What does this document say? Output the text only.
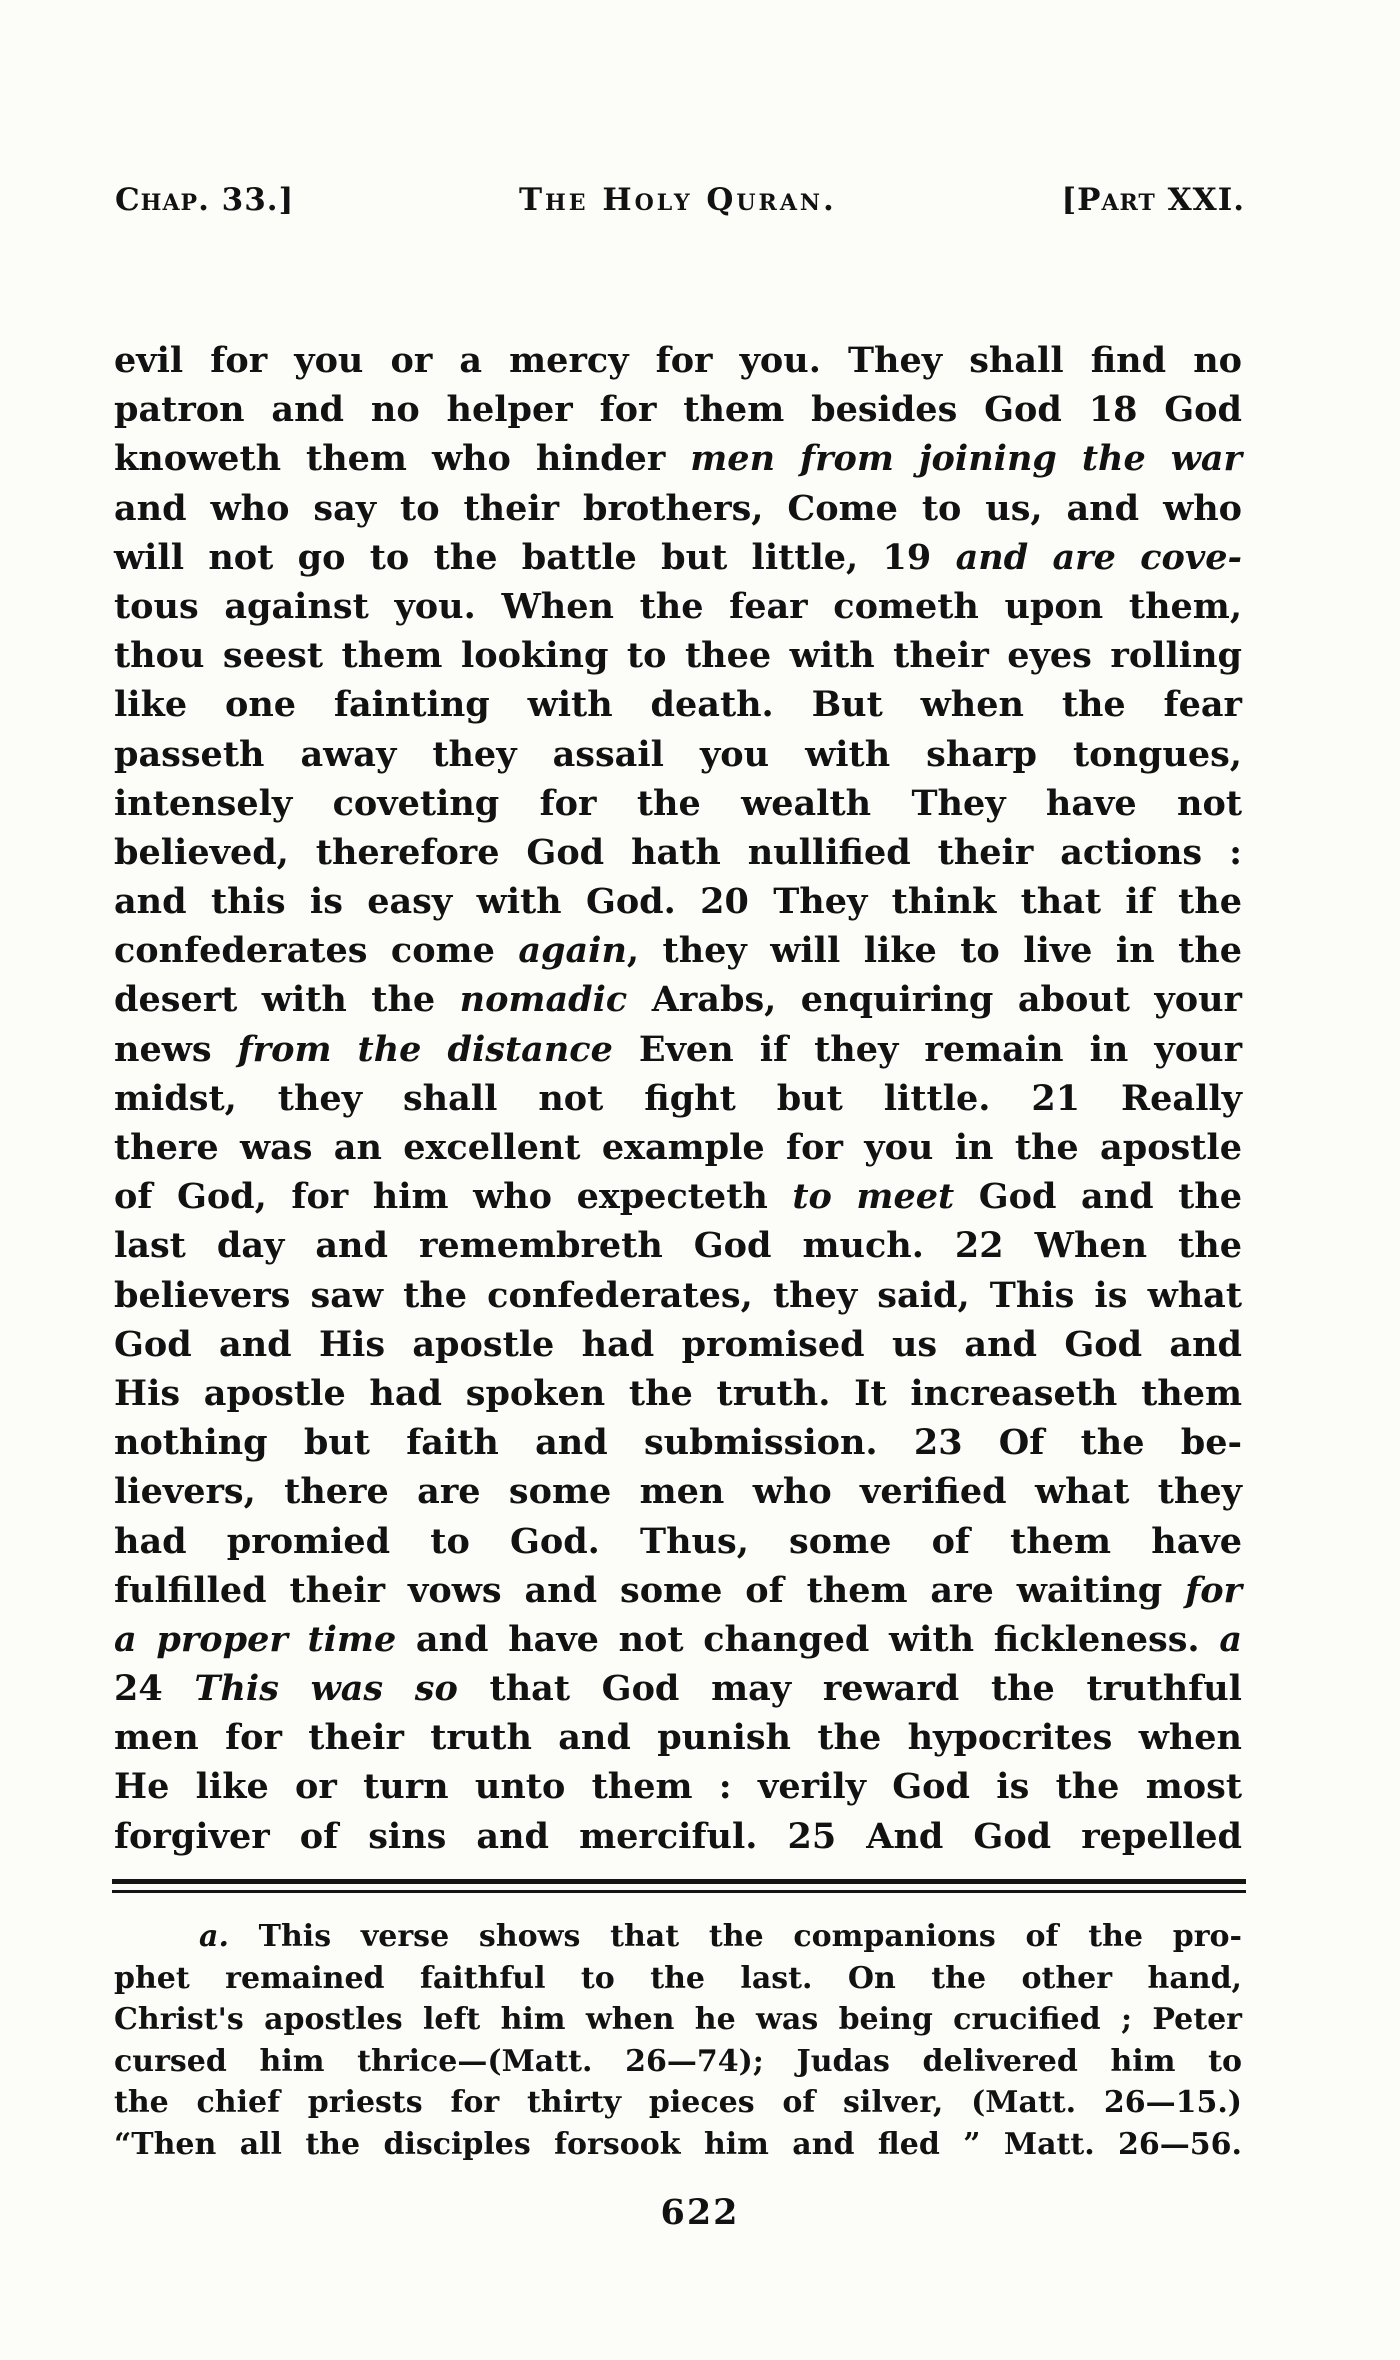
Chap. 33.]	The Holy Quran.	[Part XXI.
evil for you or a mercy for you. They shall find no
patron and no helper for them besides God 18 God
knoweth them who hinder men from joining the war
and who say to their brothers, Come to us, and who
will not go to the battle but little, 19 and are cove-
tous against you. When the fear cometh upon them,
thou seest them looking to thee with their eyes rolling
like one fainting with death. But when the fear
passeth away they assail you with sharp tongues,
intensely coveting for the wealth They have not
believed, therefore God hath nullified their actions :
and this is easy with God. 20 They think that if the
confederates come again, they will like to live in the
desert with the nomadic Arabs, enquiring about your
news from the distance Even if they remain in your
midst, they shall not fight but little. 21 Really
there was an excellent example for you in the apostle
of God, for him who expecteth to meet God and the
last day and remembreth God much. 22 When the
believers saw the confederates, they said, This is what
God and His apostle had promised us and God and
His apostle had spoken the truth. It increaseth them
nothing but faith and submission. 23 Of the be-
lievers, there are some men who verified what they
had promied to God. Thus, some of them have
fulfilled their vows and some of them are waiting for
a proper time and have not changed with fickleness. a
24 This was so that God may reward the truthful
men for their truth and punish the hypocrites when
He like or turn unto them : verily God is the most
forgiver of sins and merciful. 25 And God repelled
a. This verse shows that the companions of the pro-
phet remained faithful to the last. On the other hand,
Christ's apostles left him when he was being crucified ; Peter
cursed him thrice—(Matt. 26—74); Judas delivered him to
the chief priests for thirty pieces of silver, (Matt. 26—15.)
“Then all the disciples forsook him and fled ” Matt. 26—56.
622
